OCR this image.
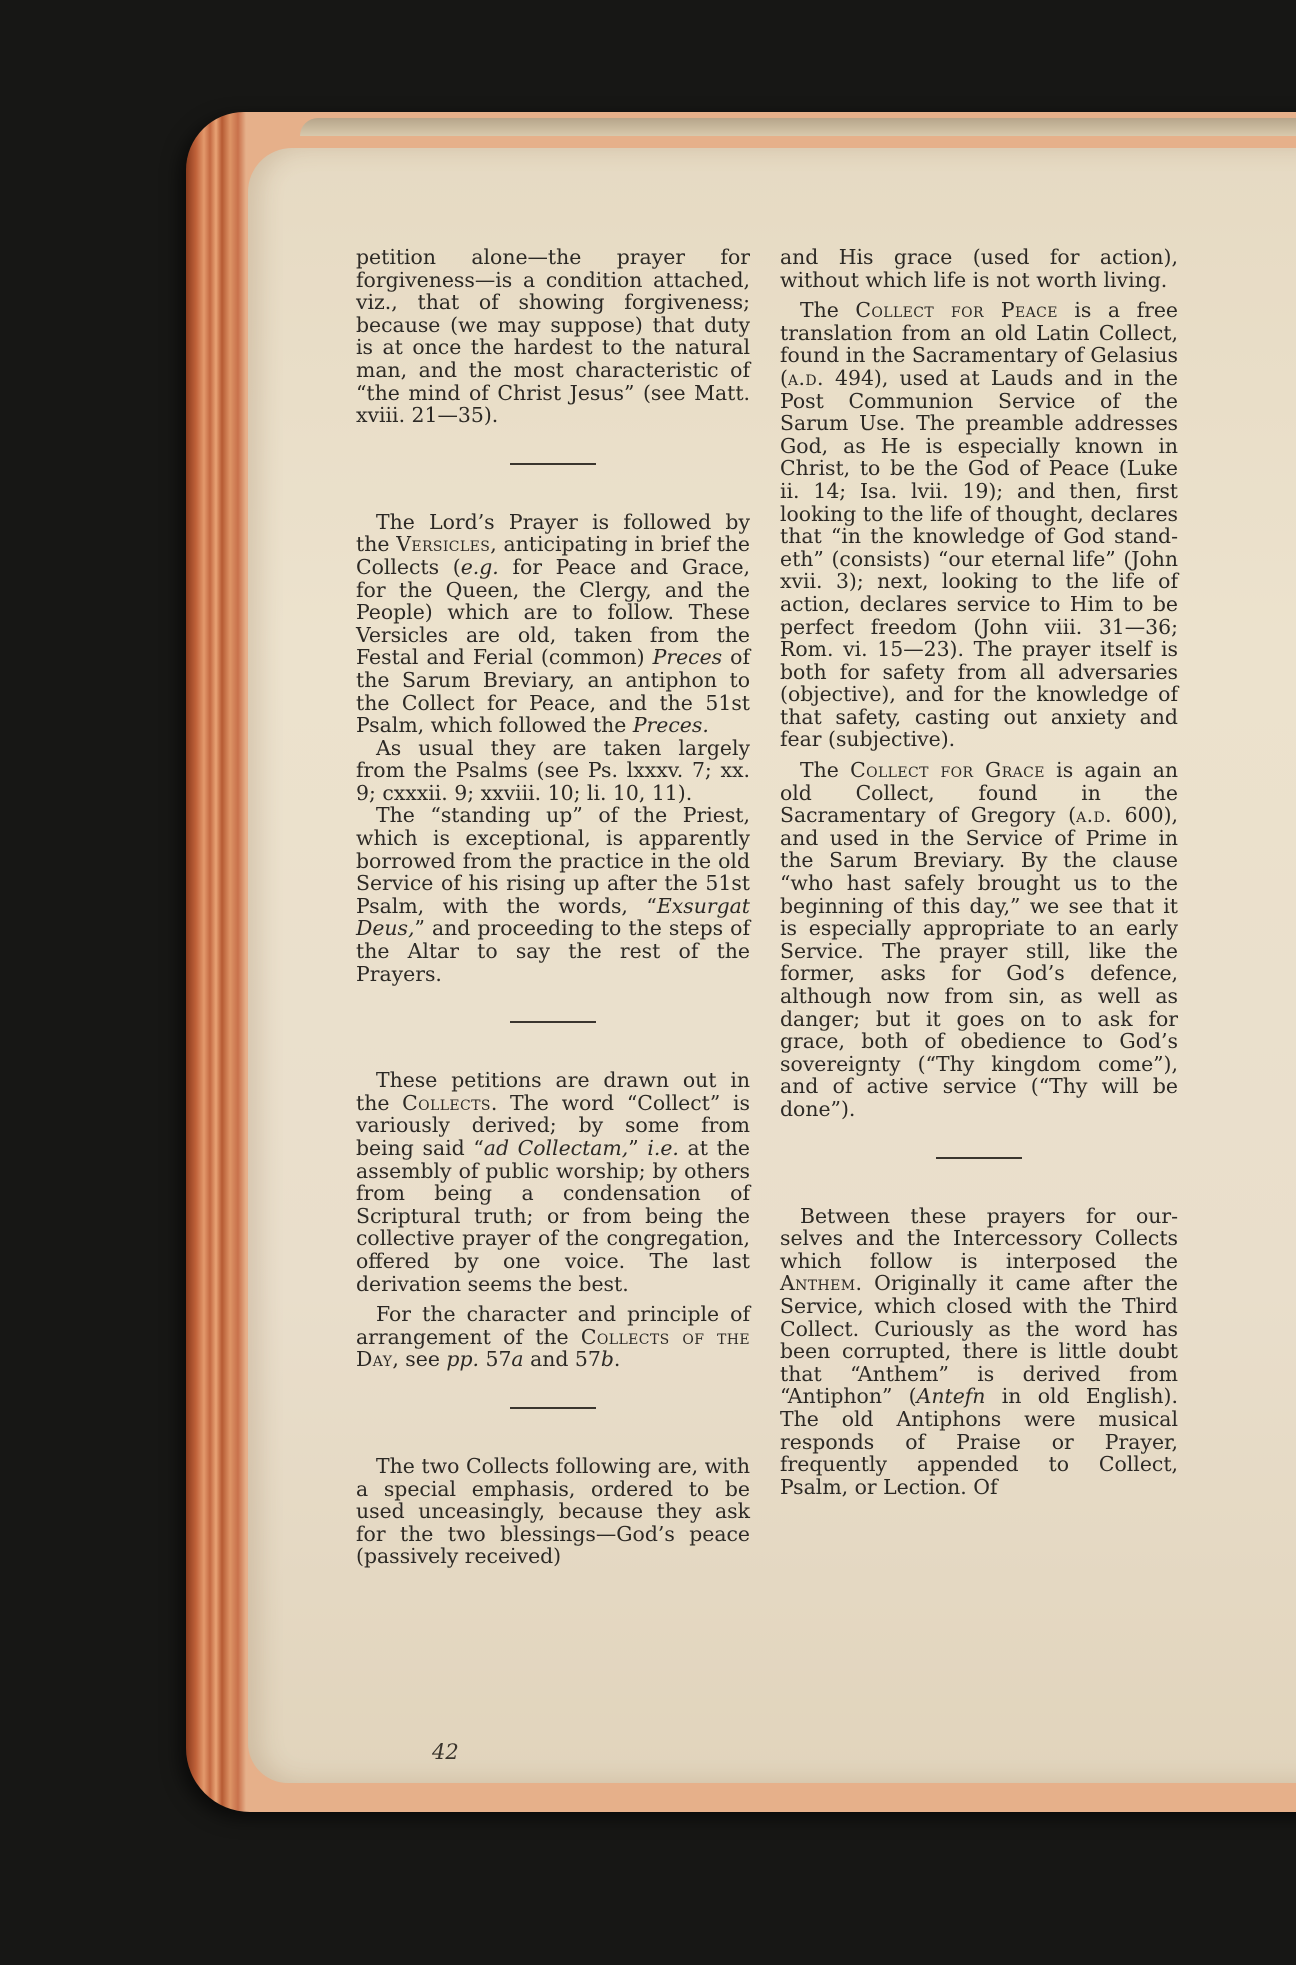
petition alone—the prayer for forgiveness—is a condition attached, viz., that of showing forgiveness; because (we may suppose) that duty is at once the hardest to the natural man, and the most characteristic of “the mind of Christ Jesus” (see Matt. xviii. 21—35).

The Lord’s Prayer is followed by the Versicles, anticipating in brief the Collects (e.g. for Peace and Grace, for the Queen, the Clergy, and the People) which are to follow. These Versicles are old, taken from the Festal and Ferial (common) Preces of the Sarum Breviary, an antiphon to the Collect for Peace, and the 51st Psalm, which followed the Preces.

As usual they are taken largely from the Psalms (see Ps. lxxxv. 7; xx. 9; cxxxii. 9; xxviii. 10; li. 10, 11).

The “standing up” of the Priest, which is exceptional, is apparently borrowed from the practice in the old Service of his rising up after the 51st Psalm, with the words, “Exsurgat Deus,” and proceeding to the steps of the Altar to say the rest of the Prayers.

These petitions are drawn out in the Collects. The word “Collect” is variously derived; by some from being said “ad Collectam,” i.e. at the assembly of public worship; by others from being a condensation of Scriptural truth; or from being the collective prayer of the congregation, offered by one voice. The last derivation seems the best.

For the character and principle of arrangement of the Collects of the Day, see pp. 57a and 57b.

The two Collects following are, with a special emphasis, ordered to be used unceasingly, because they ask for the two blessings—God’s peace (passively received)

and His grace (used for action), without which life is not worth living.

The Collect for Peace is a free translation from an old Latin Collect, found in the Sacramentary of Gelasius (a.d. 494), used at Lauds and in the Post Communion Service of the Sarum Use. The preamble addresses God, as He is especially known in Christ, to be the God of Peace (Luke ii. 14; Isa. lvii. 19); and then, first looking to the life of thought, declares that “in the knowledge of God standeth” (consists) “our eternal life” (John xvii. 3); next, looking to the life of action, declares service to Him to be perfect freedom (John viii. 31—36; Rom. vi. 15—23). The prayer itself is both for safety from all adversaries (objective), and for the knowledge of that safety, casting out anxiety and fear (subjective).

The Collect for Grace is again an old Collect, found in the Sacramentary of Gregory (a.d. 600), and used in the Service of Prime in the Sarum Breviary. By the clause “who hast safely brought us to the beginning of this day,” we see that it is especially appropriate to an early Service. The prayer still, like the former, asks for God’s defence, although now from sin, as well as danger; but it goes on to ask for grace, both of obedience to God’s sovereignty (“Thy kingdom come”), and of active service (“Thy will be done”).

Between these prayers for ourselves and the Intercessory Collects which follow is interposed the Anthem. Originally it came after the Service, which closed with the Third Collect. Curiously as the word has been corrupted, there is little doubt that “Anthem” is derived from “Antiphon” (Antefn in old English). The old Antiphons were musical responds of Praise or Prayer, frequently appended to Collect, Psalm, or Lection. Of

42
